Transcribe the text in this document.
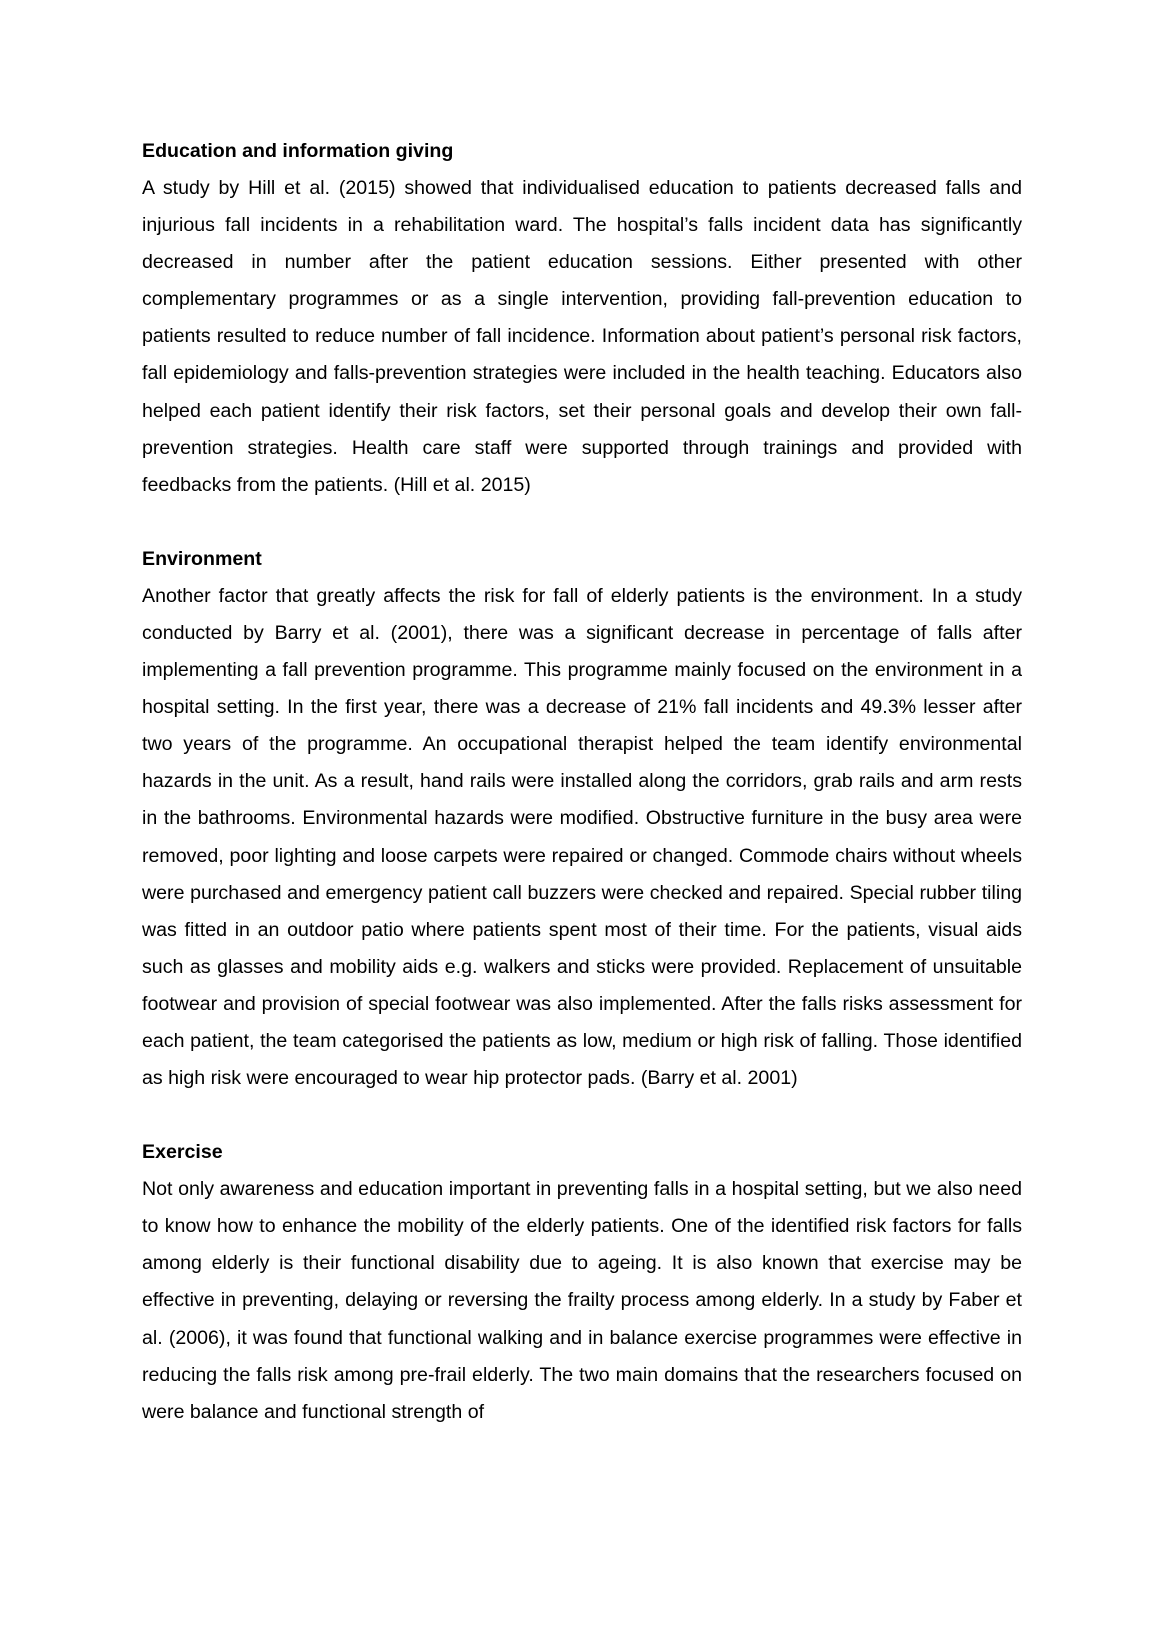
Education and information giving

A study by Hill et al. (2015) showed that individualised education to patients decreased falls and injurious fall incidents in a rehabilitation ward. The hospital’s falls incident data has significantly decreased in number after the patient education sessions. Either presented with other complementary programmes or as a single intervention, providing fall-prevention education to patients resulted to reduce number of fall incidence. Information about patient’s personal risk factors, fall epidemiology and falls-prevention strategies were included in the health teaching. Educators also helped each patient identify their risk factors, set their personal goals and develop their own fall-prevention strategies. Health care staff were supported through trainings and provided with feedbacks from the patients. (Hill et al. 2015)

Environment

Another factor that greatly affects the risk for fall of elderly patients is the environment. In a study conducted by Barry et al. (2001), there was a significant decrease in percentage of falls after implementing a fall prevention programme. This programme mainly focused on the environment in a hospital setting. In the first year, there was a decrease of 21% fall incidents and 49.3% lesser after two years of the programme. An occupational therapist helped the team identify environmental hazards in the unit. As a result, hand rails were installed along the corridors, grab rails and arm rests in the bathrooms. Environmental hazards were modified. Obstructive furniture in the busy area were removed, poor lighting and loose carpets were repaired or changed. Commode chairs without wheels were purchased and emergency patient call buzzers were checked and repaired. Special rubber tiling was fitted in an outdoor patio where patients spent most of their time. For the patients, visual aids such as glasses and mobility aids e.g. walkers and sticks were provided. Replacement of unsuitable footwear and provision of special footwear was also implemented. After the falls risks assessment for each patient, the team categorised the patients as low, medium or high risk of falling. Those identified as high risk were encouraged to wear hip protector pads. (Barry et al. 2001)

Exercise

Not only awareness and education important in preventing falls in a hospital setting, but we also need to know how to enhance the mobility of the elderly patients. One of the identified risk factors for falls among elderly is their functional disability due to ageing. It is also known that exercise may be effective in preventing, delaying or reversing the frailty process among elderly. In a study by Faber et al. (2006), it was found that functional walking and in balance exercise programmes were effective in reducing the falls risk among pre-frail elderly. The two main domains that the researchers focused on were balance and functional strength of
